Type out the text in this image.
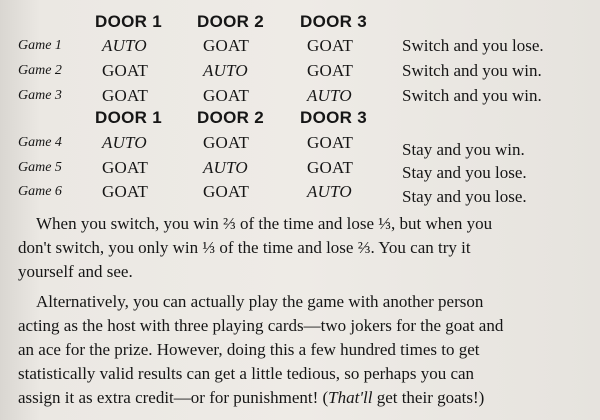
DOOR 1 DOOR 2 DOOR 3
Game 1 AUTO	GOAT	GOAT	Switch and you lose.
Game 2 GOAT	AUTO	GOAT	Switch and you win.
Game 3 GOAT	GOAT	AUTO	Switch and you win.
DOOR 1 DOOR 2 DOOR 3
Game 4 AUTO	GOAT	GOAT	Stay and you win.
Game 5 GOAT	AUTO	GOAT	Stay and you lose.
Game 6 GOAT	GOAT	AUTO	Stay and you lose.
When you switch, you win ⅔ of the time and lose ⅓, but when you
don't switch, you only win ⅓ of the time and lose ⅔. You can try it
yourself and see.
Alternatively, you can actually play the game with another person
acting as the host with three playing cards—two jokers for the goat and
an ace for the prize. However, doing this a few hundred times to get
statistically valid results can get a little tedious, so perhaps you can
assign it as extra credit—or for punishment! (That'll get their goats!)
